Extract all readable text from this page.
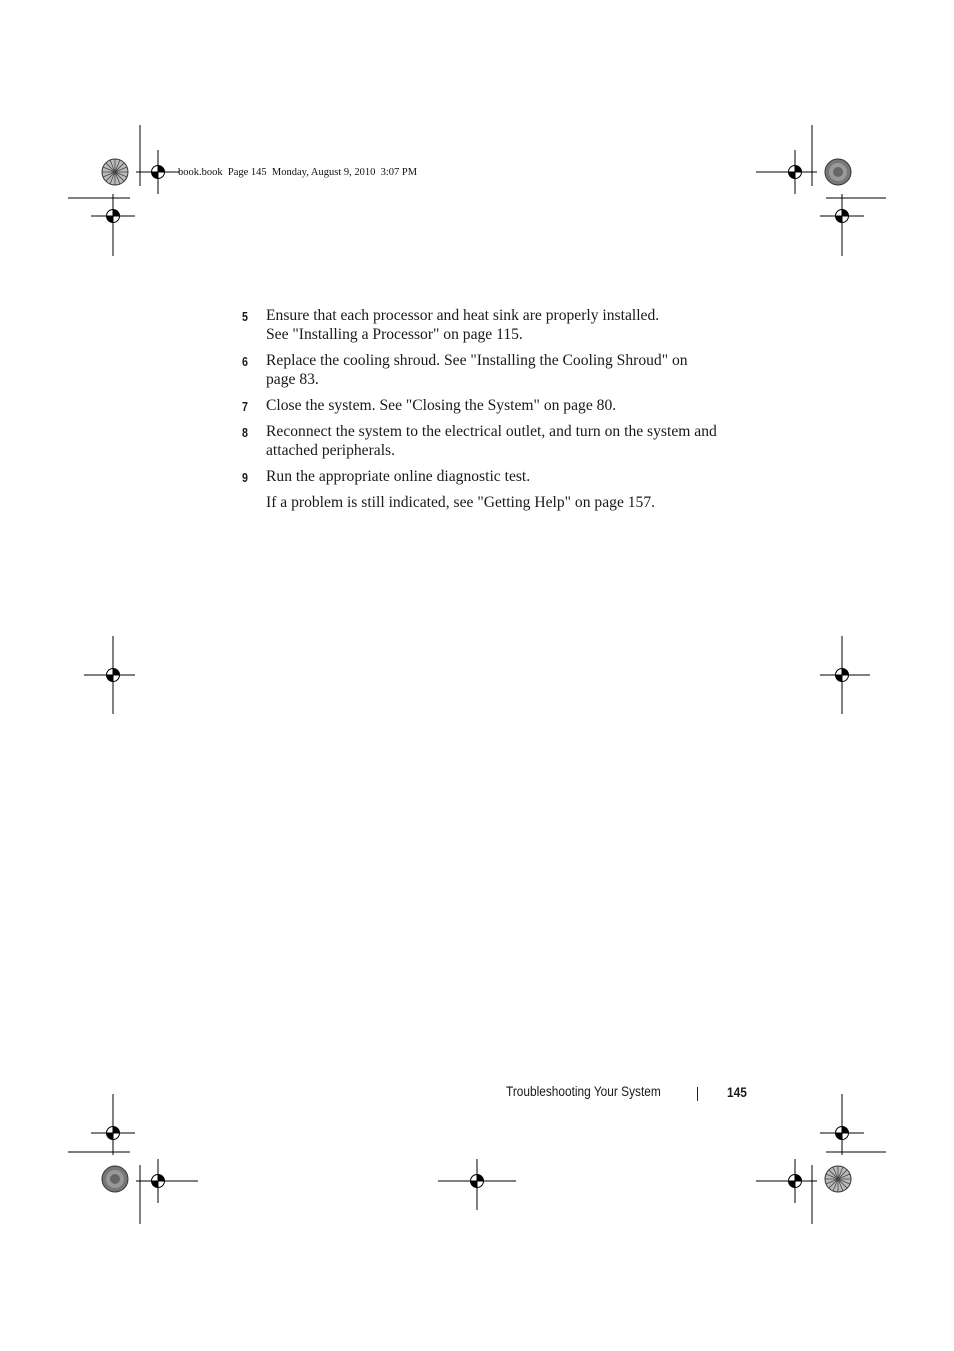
book.book  Page 145  Monday, August 9, 2010  3:07 PM
5 Ensure that each processor and heat sink are properly installed.
See "Installing a Processor" on page 115.
6 Replace the cooling shroud. See "Installing the Cooling Shroud" on
page 83.
7 Close the system. See "Closing the System" on page 80.
8 Reconnect the system to the electrical outlet, and turn on the system and
attached peripherals.
9 Run the appropriate online diagnostic test.
If a problem is still indicated, see "Getting Help" on page 157.
Troubleshooting Your System	145
